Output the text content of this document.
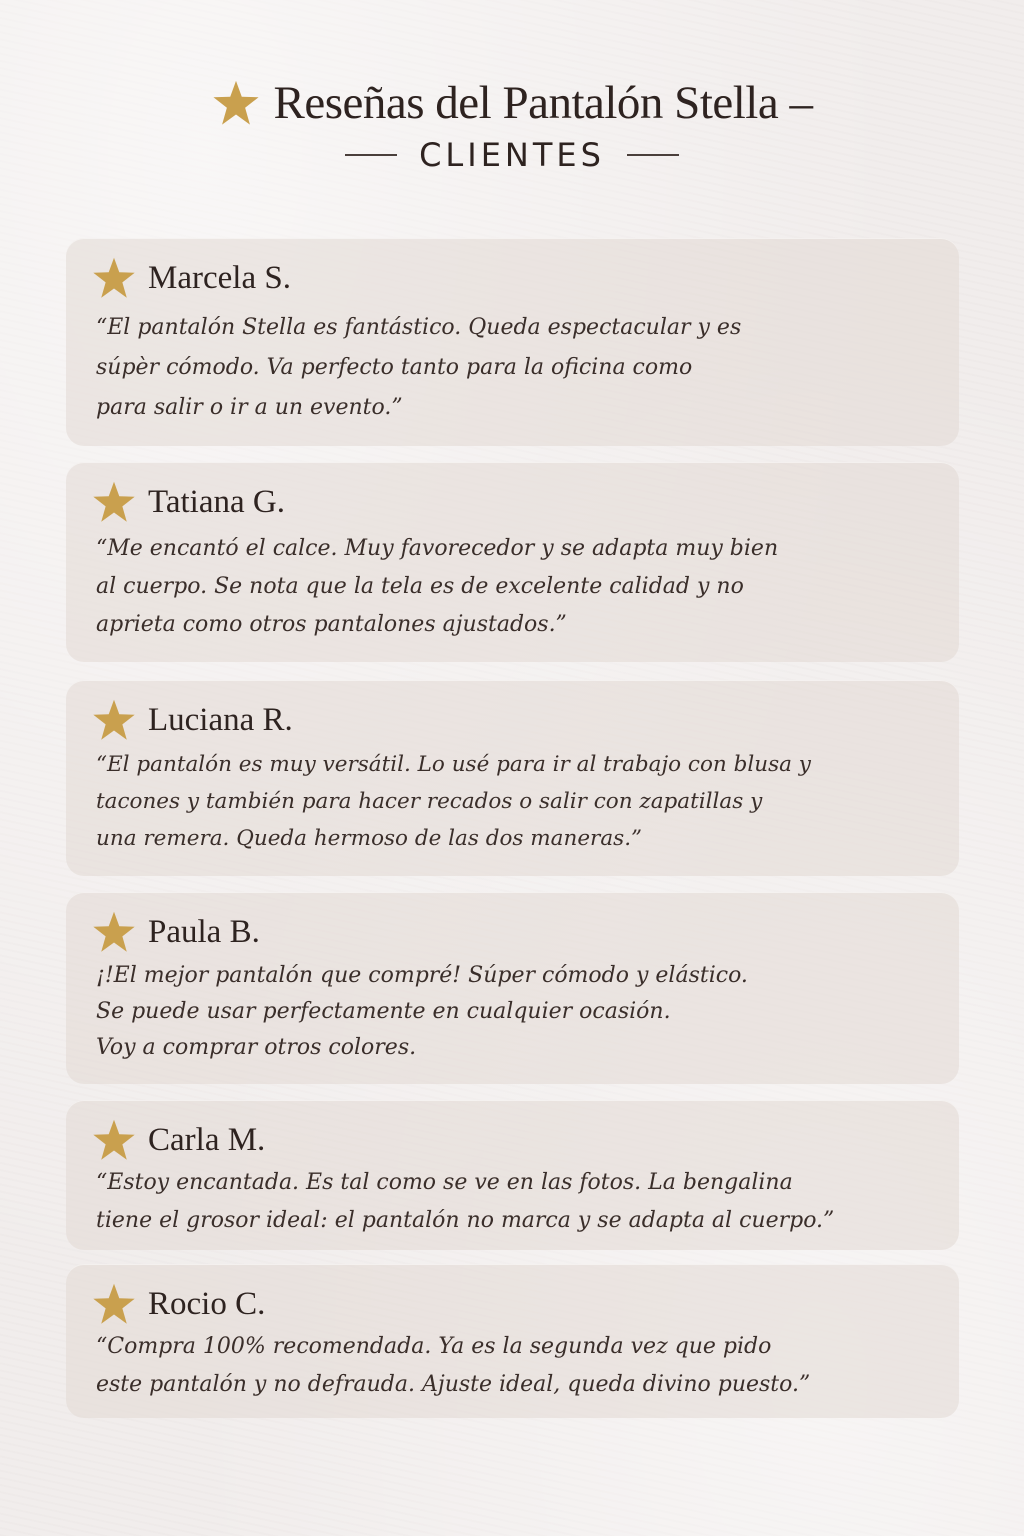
Reseñas del Pantalón Stella –
CLIENTES
Marcela S.
“El pantalón Stella es fantástico. Queda espectacular y es
súpèr cómodo. Va perfecto tanto para la oficina como
para salir o ir a un evento.”
Tatiana G.
“Me encantó el calce. Muy favorecedor y se adapta muy bien
al cuerpo. Se nota que la tela es de excelente calidad y no
aprieta como otros pantalones ajustados.”
Luciana R.
“El pantalón es muy versátil. Lo usé para ir al trabajo con blusa y
tacones y también para hacer recados o salir con zapatillas y
una remera. Queda hermoso de las dos maneras.”
Paula B.
¡!El mejor pantalón que compré! Súper cómodo y elástico.
Se puede usar perfectamente en cualquier ocasión.
Voy a comprar otros colores.
Carla M.
“Estoy encantada. Es tal como se ve en las fotos. La bengalina
tiene el grosor ideal: el pantalón no marca y se adapta al cuerpo.”
Rocio C.
“Compra 100% recomendada. Ya es la segunda vez que pido
este pantalón y no defrauda. Ajuste ideal, queda divino puesto.”
